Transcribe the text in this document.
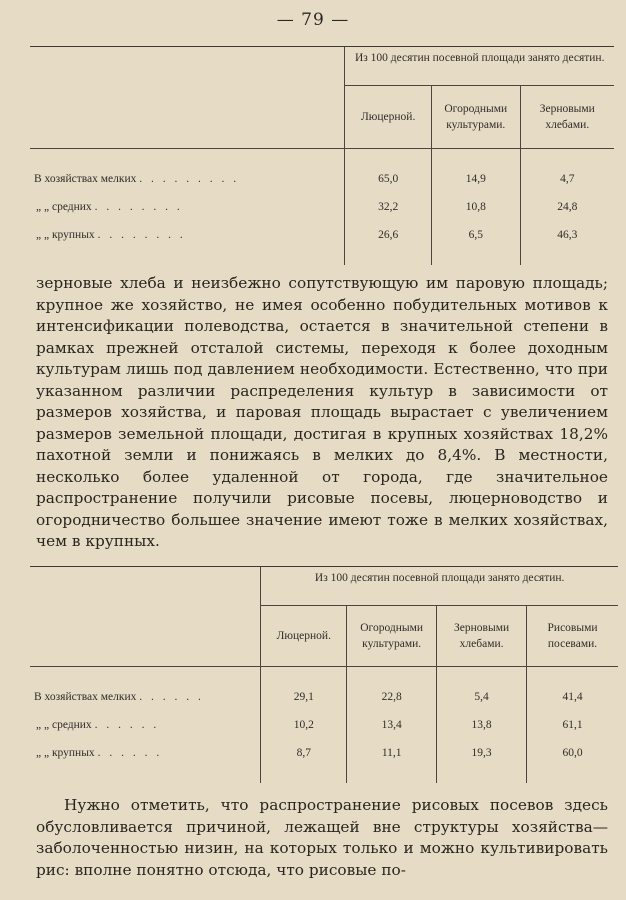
— 79 —
	Из 100 десятин посевной площади занято десятин.		
	Люцерной.	Огородными культурами.	Зерновыми хлебами.

В хозяйствах мелких . . . . . . . . .	65,0	14,9	4,7
„ „ средних . . . . . . . .	32,2	10,8	24,8
„ „ крупных . . . . . . . .	26,6	6,5	46,3

зерновые хлеба и неизбежно сопутствующую им паровую площадь; крупное же хозяйство, не имея особенно побудительных мотивов к интенсификации полеводства, остается в значительной степени в рамках прежней отсталой системы, переходя к более доходным культурам лишь под давлением необходимости. Естественно, что при указанном различии распределения культур в зависимости от размеров хозяйства, и паровая площадь вырастает с увеличением размеров земельной площади, достигая в крупных хозяйствах 18,2% пахотной земли и понижаясь в мелких до 8,4%. В местности, несколько более удаленной от города, где значительное распространение получили рисовые посевы, люцерноводство и огородничество большее значение имеют тоже в мелких хозяйствах, чем в крупных.

	Из 100 десятин посевной площади занято десятин.			
	Люцерной.	Огородными культурами.	Зерновыми хлебами.	Рисовыми посевами.

В хозяйствах мелких . . . . . .	29,1	22,8	5,4	41,4
„ „ средних . . . . . .	10,2	13,4	13,8	61,1
„ „ крупных . . . . . .	8,7	11,1	19,3	60,0

Нужно отметить, что распространение рисовых посевов здесь обусловливается причиной, лежащей вне структуры хозяйства—заболоченностью низин, на которых только и можно культивировать рис: вполне понятно отсюда, что рисовые по-
